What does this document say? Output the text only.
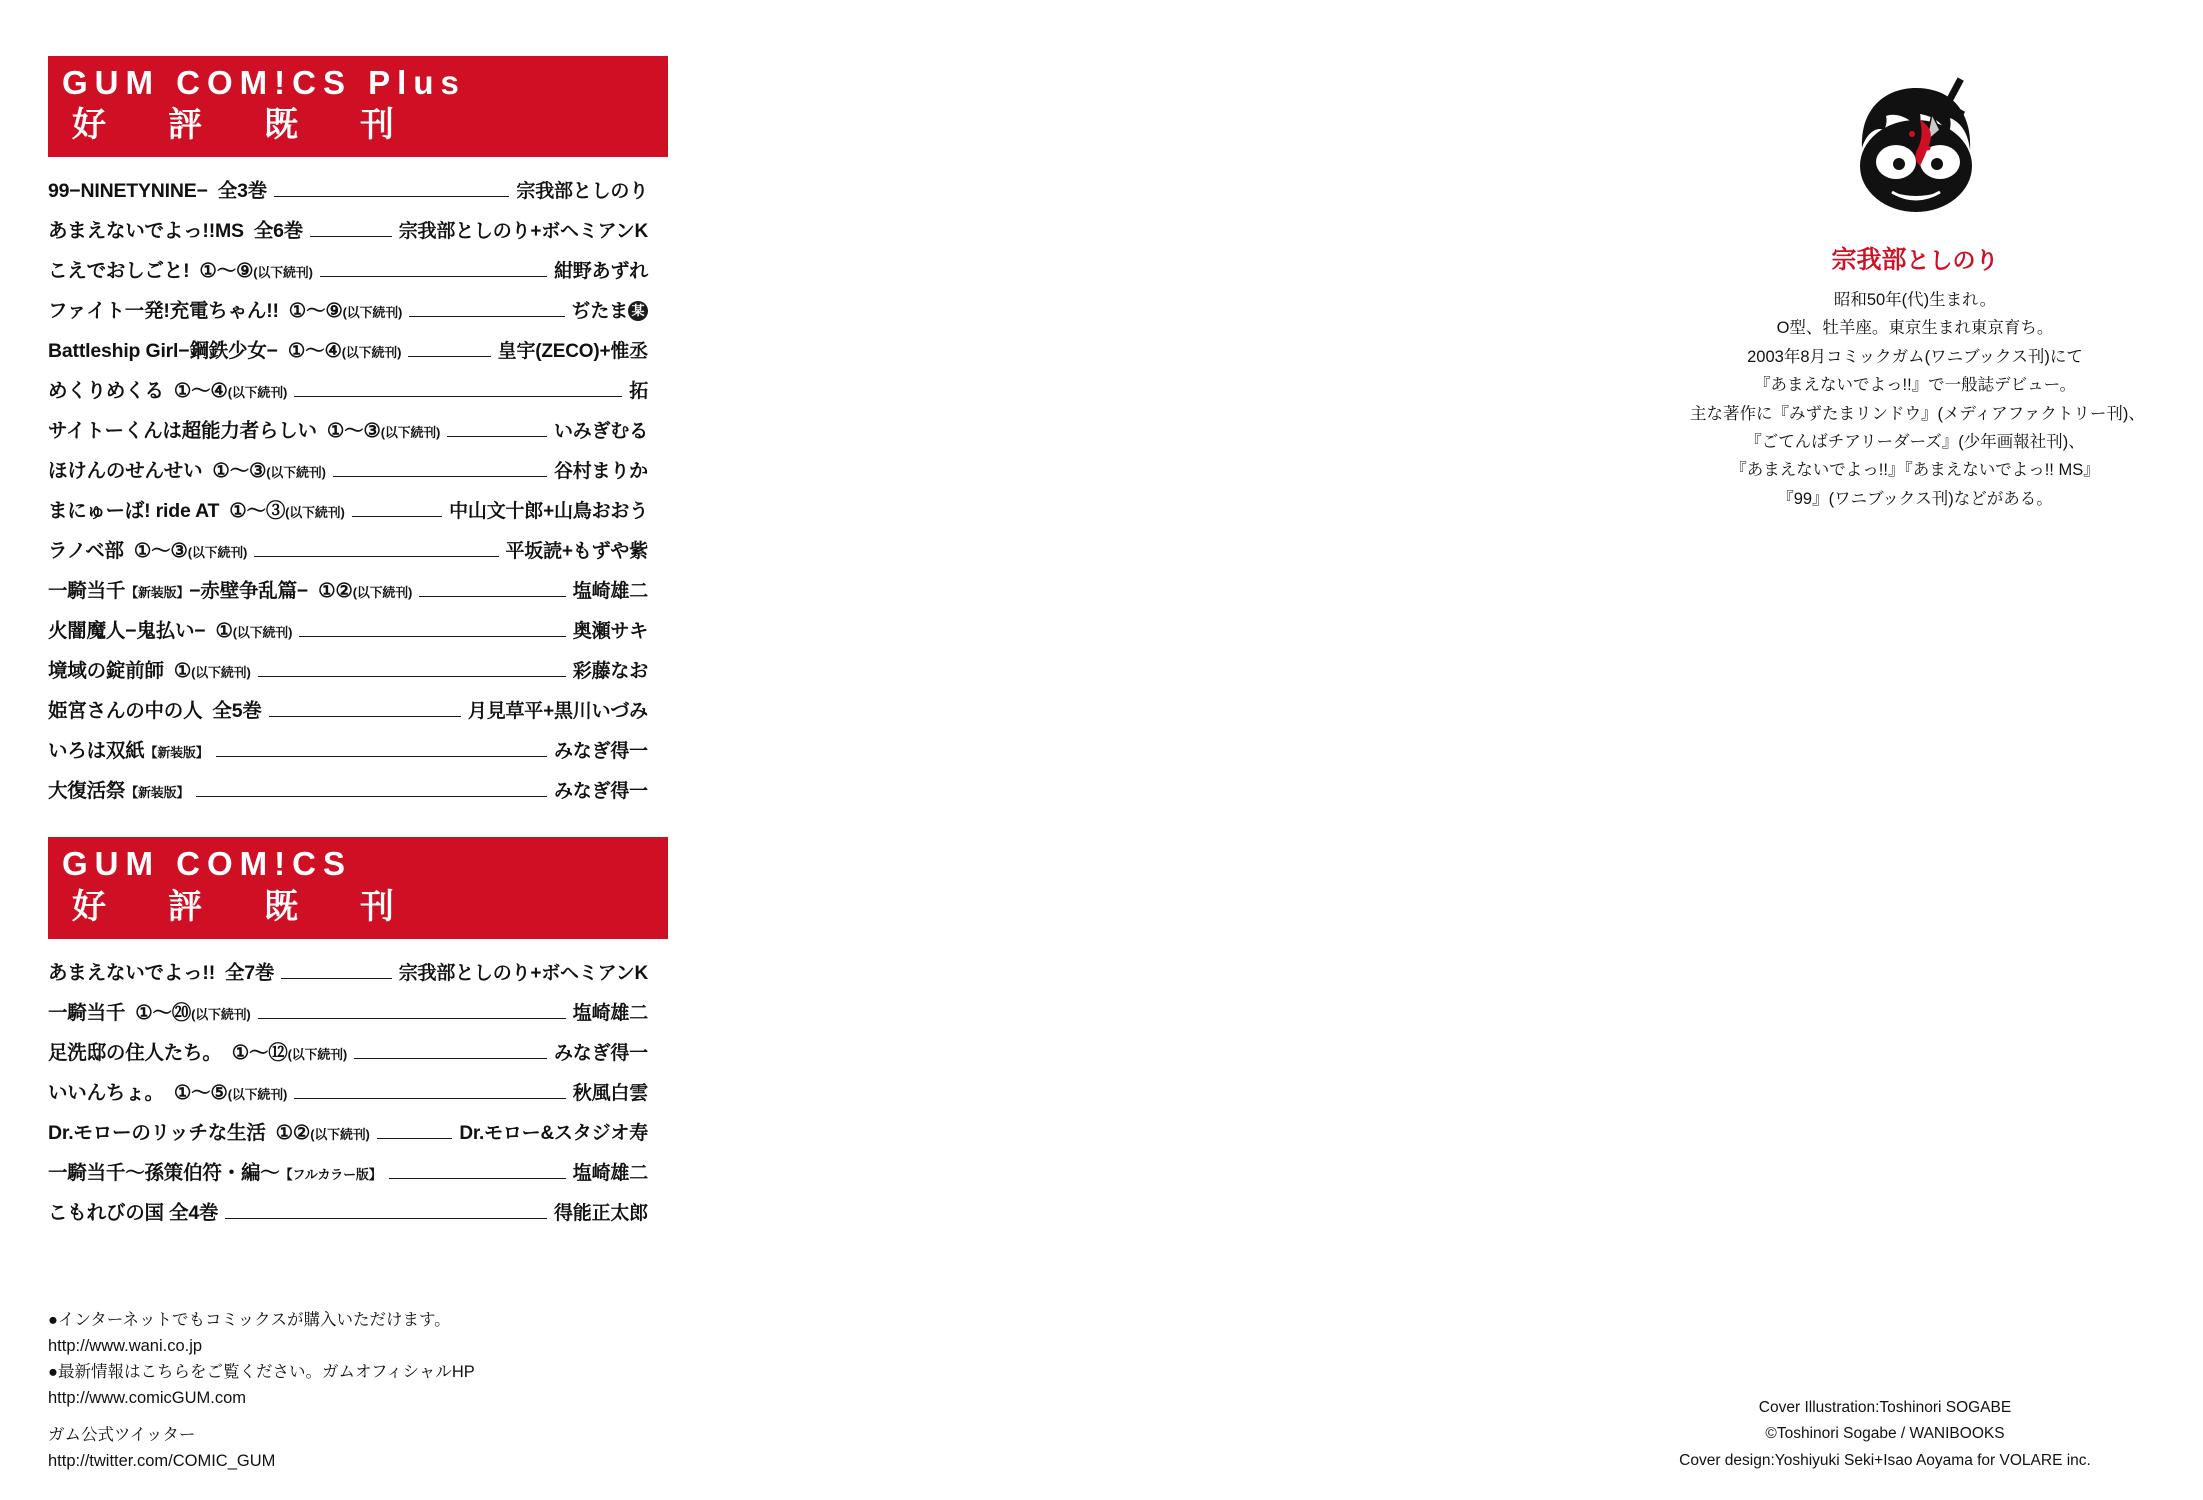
GUM COM!CS Plus
好評既刊
99−NINETYNINE− 全3巻	宗我部としのり
あまえないでよっ!!MS 全6巻	宗我部としのり+ボヘミアンK
こえでおしごと! ①〜⑨(以下続刊)	紺野あずれ
ファイト一発!充電ちゃん!! ①〜⑨(以下続刊)	ぢたま 某
Battleship Girl−鋼鉄少女− ①〜④(以下続刊)	皇宇(ZECO)+惟丞
めくりめくる ①〜④(以下続刊)	拓
サイトーくんは超能力者らしい ①〜③(以下続刊)	いみぎむる
ほけんのせんせい ①〜③(以下続刊)	谷村まりか
まにゅーば! ride AT ①〜③(以下続刊)	中山文十郎+山鳥おおう
ラノベ部 ①〜③(以下続刊)	平坂読+もずや紫
一騎当千【新装版】−赤壁争乱篇− ①②(以下続刊)	塩崎雄二
火闇魔人−鬼払い− ①(以下続刊)	奥瀬サキ
境域の錠前師 ①(以下続刊)	彩藤なお
姫宮さんの中の人 全5巻	月見草平+黒川いづみ
いろは双紙【新装版】	みなぎ得一
大復活祭【新装版】	みなぎ得一
GUM COM!CS
好評既刊
あまえないでよっ!! 全7巻	宗我部としのり+ボヘミアンK
一騎当千 ①〜⑳(以下続刊)	塩崎雄二
足洗邸の住人たち。 ①〜⑫(以下続刊)	みなぎ得一
いいんちょ。 ①〜⑤(以下続刊)	秋風白雲
Dr.モローのリッチな生活 ①②(以下続刊)	Dr.モロー&スタジオ寿
一騎当千〜孫策伯符・編〜【フルカラー版】	塩崎雄二
こもれびの国 全4巻	得能正太郎
●インターネットでもコミックスが購入いただけます。
http://www.wani.co.jp
●最新情報はこちらをご覧ください。ガムオフィシャルHP
http://www.comicGUM.com
ガム公式ツイッター
http://twitter.com/COMIC_GUM
宗我部としのり
昭和50年(代)生まれ。
O型、牡羊座。東京生まれ東京育ち。
2003年8月コミックガム(ワニブックス刊)にて
『あまえないでよっ!!』で一般誌デビュー。
主な著作に『みずたまリンドウ』(メディアファクトリー刊)、
『ごてんばチアリーダーズ』(少年画報社刊)、
『あまえないでよっ!!』『あまえないでよっ!! MS』
『99』(ワニブックス刊)などがある。
Cover Illustration:Toshinori SOGABE
©Toshinori Sogabe / WANIBOOKS
Cover design:Yoshiyuki Seki+Isao Aoyama for VOLARE inc.
